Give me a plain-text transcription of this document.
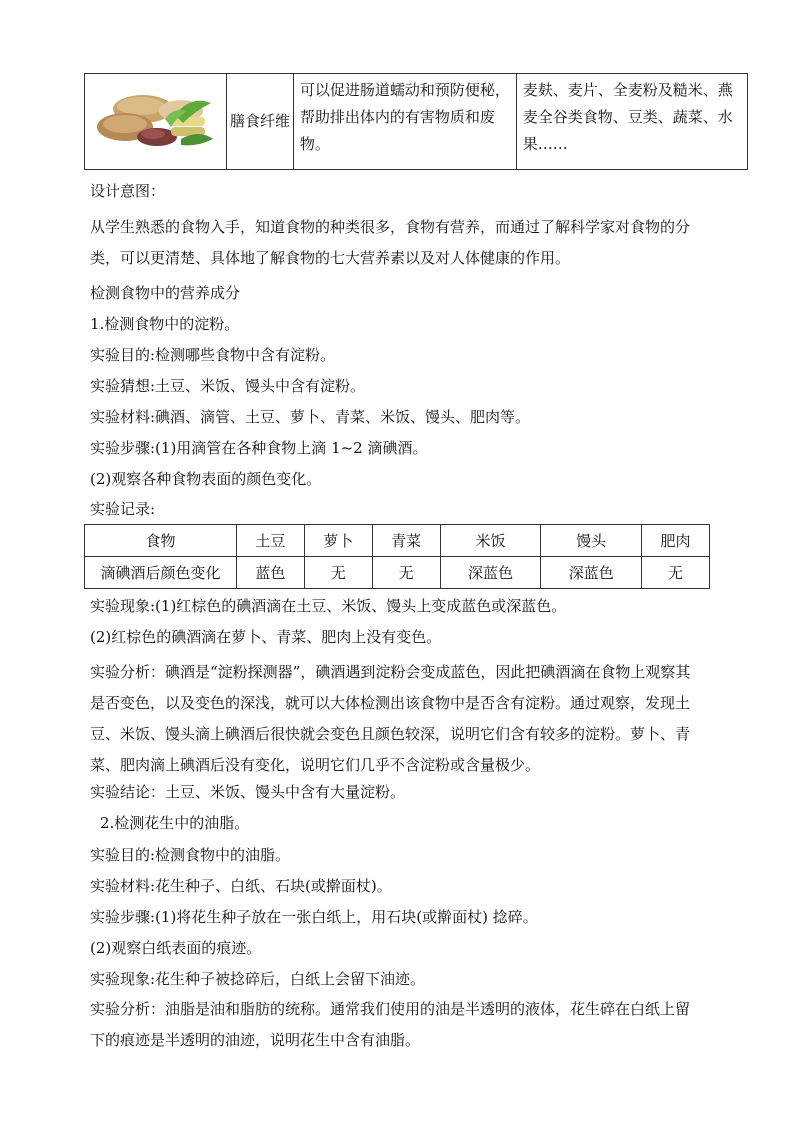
	膳食纤维	可以促进肠道蠕动和预防便秘，帮助排出体内的有害物质和废物。	麦麸、麦片、全麦粉及糙米、燕麦全谷类食物、豆类、蔬菜、水果……
设计意图：
从学生熟悉的食物入手，知道食物的种类很多，食物有营养，而通过了解科学家对食物的分类，可以更清楚、具体地了解食物的七大营养素以及对人体健康的作用。
检测食物中的营养成分
1.检测食物中的淀粉。
实验目的:检测哪些食物中含有淀粉。
实验猜想:土豆、米饭、馒头中含有淀粉。
实验材料:碘酒、滴管、土豆、萝卜、青菜、米饭、馒头、肥肉等。
实验步骤:(1)用滴管在各种食物上滴 1~2 滴碘酒。
(2)观察各种食物表面的颜色变化。
实验记录:
食物	土豆	萝卜	青菜	米饭	馒头	肥肉
滴碘酒后颜色变化	蓝色	无	无	深蓝色	深蓝色	无
实验现象:(1)红棕色的碘酒滴在土豆、米饭、馒头上变成蓝色或深蓝色。
(2)红棕色的碘酒滴在萝卜、青菜、肥肉上没有变色。
实验分析：碘酒是“淀粉探测器”，碘酒遇到淀粉会变成蓝色，因此把碘酒滴在食物上观察其是否变色，以及变色的深浅，就可以大体检测出该食物中是否含有淀粉。通过观察，发现土豆、米饭、馒头滴上碘酒后很快就会变色且颜色较深，说明它们含有较多的淀粉。萝卜、青菜、肥肉滴上碘酒后没有变化，说明它们几乎不含淀粉或含量极少。
实验结论：土豆、米饭、馒头中含有大量淀粉。
2.检测花生中的油脂。
实验目的:检测食物中的油脂。
实验材料:花生种子、白纸、石块(或擀面杖)。
实验步骤:(1)将花生种子放在一张白纸上，用石块(或擀面杖) 捻碎。
(2)观察白纸表面的痕迹。
实验现象:花生种子被捻碎后，白纸上会留下油迹。
实验分析：油脂是油和脂肪的统称。通常我们使用的油是半透明的液体，花生碎在白纸上留下的痕迹是半透明的油迹，说明花生中含有油脂。
